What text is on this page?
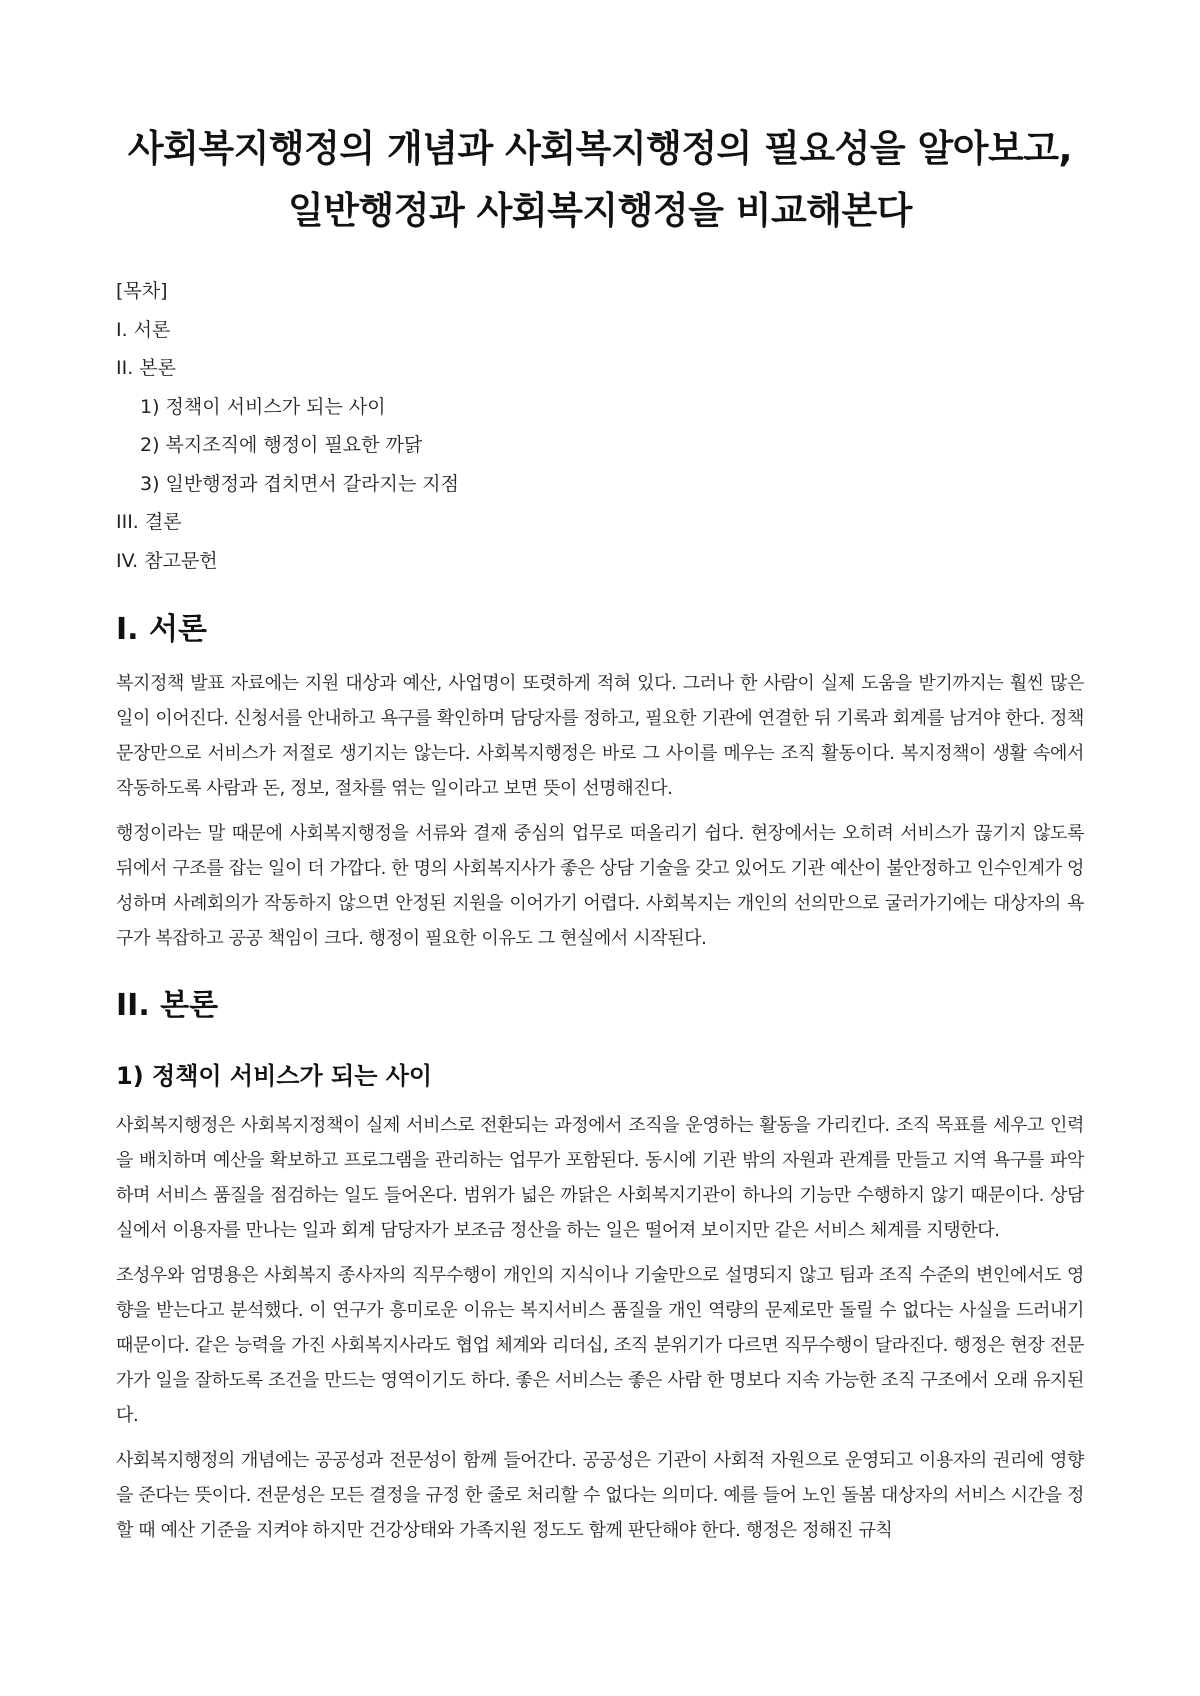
사회복지행정의 개념과 사회복지행정의 필요성을 알아보고, 일반행정과 사회복지행정을 비교해본다
[목차]
I. 서론
II. 본론
1) 정책이 서비스가 되는 사이
2) 복지조직에 행정이 필요한 까닭
3) 일반행정과 겹치면서 갈라지는 지점
III. 결론
IV. 참고문헌
I. 서론

복지정책 발표 자료에는 지원 대상과 예산, 사업명이 또렷하게 적혀 있다. 그러나 한 사람이 실제 도움을 받기까지는 훨씬 많은 일이 이어진다. 신청서를 안내하고 욕구를 확인하며 담당자를 정하고, 필요한 기관에 연결한 뒤 기록과 회계를 남겨야 한다. 정책 문장만으로 서비스가 저절로 생기지는 않는다. 사회복지행정은 바로 그 사이를 메우는 조직 활동이다. 복지정책이 생활 속에서 작동하도록 사람과 돈, 정보, 절차를 엮는 일이라고 보면 뜻이 선명해진다.

행정이라는 말 때문에 사회복지행정을 서류와 결재 중심의 업무로 떠올리기 쉽다. 현장에서는 오히려 서비스가 끊기지 않도록 뒤에서 구조를 잡는 일이 더 가깝다. 한 명의 사회복지사가 좋은 상담 기술을 갖고 있어도 기관 예산이 불안정하고 인수인계가 엉성하며 사례회의가 작동하지 않으면 안정된 지원을 이어가기 어렵다. 사회복지는 개인의 선의만으로 굴러가기에는 대상자의 욕구가 복잡하고 공공 책임이 크다. 행정이 필요한 이유도 그 현실에서 시작된다.

II. 본론
1) 정책이 서비스가 되는 사이

사회복지행정은 사회복지정책이 실제 서비스로 전환되는 과정에서 조직을 운영하는 활동을 가리킨다. 조직 목표를 세우고 인력을 배치하며 예산을 확보하고 프로그램을 관리하는 업무가 포함된다. 동시에 기관 밖의 자원과 관계를 만들고 지역 욕구를 파악하며 서비스 품질을 점검하는 일도 들어온다. 범위가 넓은 까닭은 사회복지기관이 하나의 기능만 수행하지 않기 때문이다. 상담실에서 이용자를 만나는 일과 회계 담당자가 보조금 정산을 하는 일은 떨어져 보이지만 같은 서비스 체계를 지탱한다.

조성우와 엄명용은 사회복지 종사자의 직무수행이 개인의 지식이나 기술만으로 설명되지 않고 팀과 조직 수준의 변인에서도 영향을 받는다고 분석했다. 이 연구가 흥미로운 이유는 복지서비스 품질을 개인 역량의 문제로만 돌릴 수 없다는 사실을 드러내기 때문이다. 같은 능력을 가진 사회복지사라도 협업 체계와 리더십, 조직 분위기가 다르면 직무수행이 달라진다. 행정은 현장 전문가가 일을 잘하도록 조건을 만드는 영역이기도 하다. 좋은 서비스는 좋은 사람 한 명보다 지속 가능한 조직 구조에서 오래 유지된다.

사회복지행정의 개념에는 공공성과 전문성이 함께 들어간다. 공공성은 기관이 사회적 자원으로 운영되고 이용자의 권리에 영향을 준다는 뜻이다. 전문성은 모든 결정을 규정 한 줄로 처리할 수 없다는 의미다. 예를 들어 노인 돌봄 대상자의 서비스 시간을 정할 때 예산 기준을 지켜야 하지만 건강상태와 가족지원 정도도 함께 판단해야 한다. 행정은 정해진 규칙
